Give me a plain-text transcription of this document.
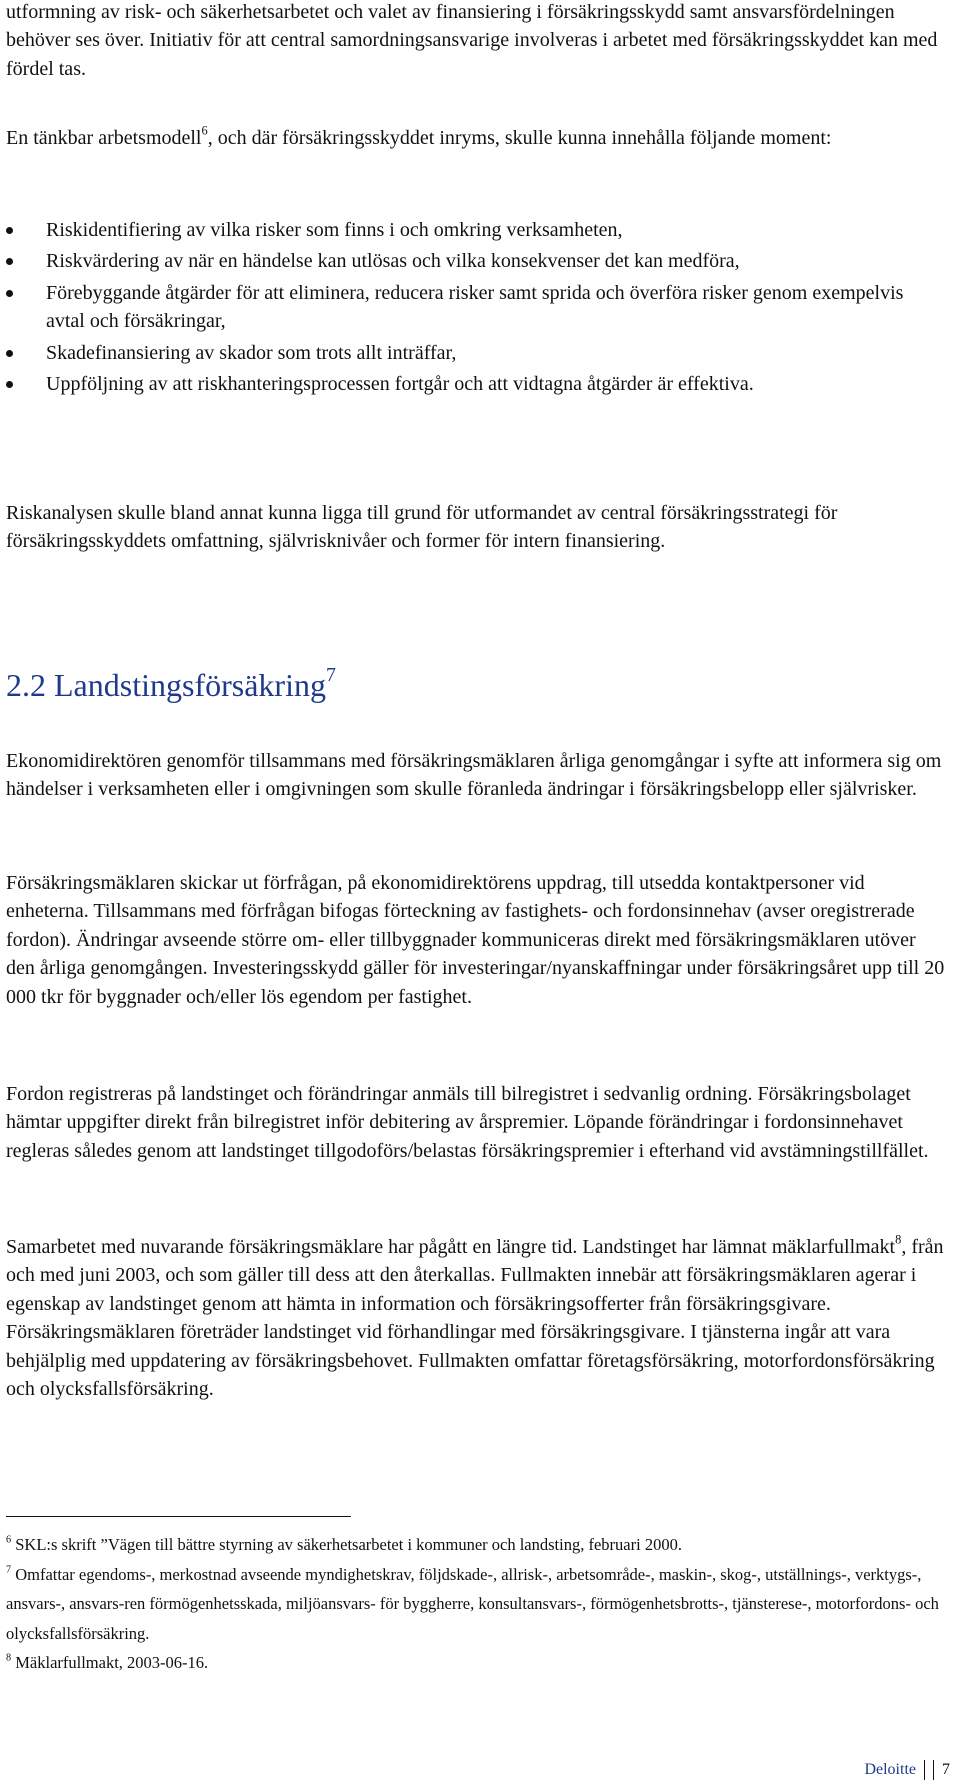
utformning av risk- och säkerhetsarbetet och valet av finansiering i försäkringsskydd samt ansvarsfördelningen behöver ses över. Initiativ för att central samordningsansvarige involveras i arbetet med försäkringsskyddet kan med fördel tas.

En tänkbar arbetsmodell$^6$, och där försäkringsskyddet inryms, skulle kunna innehålla följande moment:

Riskidentifiering av vilka risker som finns i och omkring verksamheten,
Riskvärdering av när en händelse kan utlösas och vilka konsekvenser det kan medföra,
Förebyggande åtgärder för att eliminera, reducera risker samt sprida och överföra risker genom exempelvis avtal och försäkringar,
Skadefinansiering av skador som trots allt inträffar,
Uppföljning av att riskhanteringsprocessen fortgår och att vidtagna åtgärder är effektiva.

Riskanalysen skulle bland annat kunna ligga till grund för utformandet av central försäkringsstrategi för försäkringsskyddets omfattning, självrisknivåer och former för intern finansiering.

2.2 Landstingsförsäkring$^7$

Ekonomidirektören genomför tillsammans med försäkringsmäklaren årliga genomgångar i syfte att informera sig om händelser i verksamheten eller i omgivningen som skulle föranleda ändringar i försäkringsbelopp eller självrisker.

Försäkringsmäklaren skickar ut förfrågan, på ekonomidirektörens uppdrag, till utsedda kontaktpersoner vid enheterna. Tillsammans med förfrågan bifogas förteckning av fastighets- och fordonsinnehav (avser oregistrerade fordon). Ändringar avseende större om- eller tillbyggnader kommuniceras direkt med försäkringsmäklaren utöver den årliga genomgången. Investeringsskydd gäller för investeringar/nyanskaffningar under försäkringsåret upp till 20 000 tkr för byggnader och/eller lös egendom per fastighet.

Fordon registreras på landstinget och förändringar anmäls till bilregistret i sedvanlig ordning. Försäkringsbolaget hämtar uppgifter direkt från bilregistret inför debitering av årspremier. Löpande förändringar i fordonsinnehavet regleras således genom att landstinget tillgodoförs/belastas försäkringspremier i efterhand vid avstämningstillfället.

Samarbetet med nuvarande försäkringsmäklare har pågått en längre tid. Landstinget har lämnat mäklarfullmakt$^8$, från och med juni 2003, och som gäller till dess att den återkallas. Fullmakten innebär att försäkringsmäklaren agerar i egenskap av landstinget genom att hämta in information och försäkringsofferter från försäkringsgivare. Försäkringsmäklaren företräder landstinget vid förhandlingar med försäkringsgivare. I tjänsterna ingår att vara behjälplig med uppdatering av försäkringsbehovet. Fullmakten omfattar företagsförsäkring, motorfordonsförsäkring och olycksfallsförsäkring.

$^6$ SKL:s skrift ”Vägen till bättre styrning av säkerhetsarbetet i kommuner och landsting, februari 2000.

$^7$ Omfattar egendoms-, merkostnad avseende myndighetskrav, följdskade-, allrisk-, arbetsområde-, maskin-, skog-, utställnings-, verktygs-, ansvars-, ansvars-ren förmögenhetsskada, miljöansvars- för byggherre, konsultansvars-, förmögenhetsbrotts-, tjänsterese-, motorfordons- och olycksfallsförsäkring.

$^8$ Mäklarfullmakt, 2003-06-16.

Deloitte 7
